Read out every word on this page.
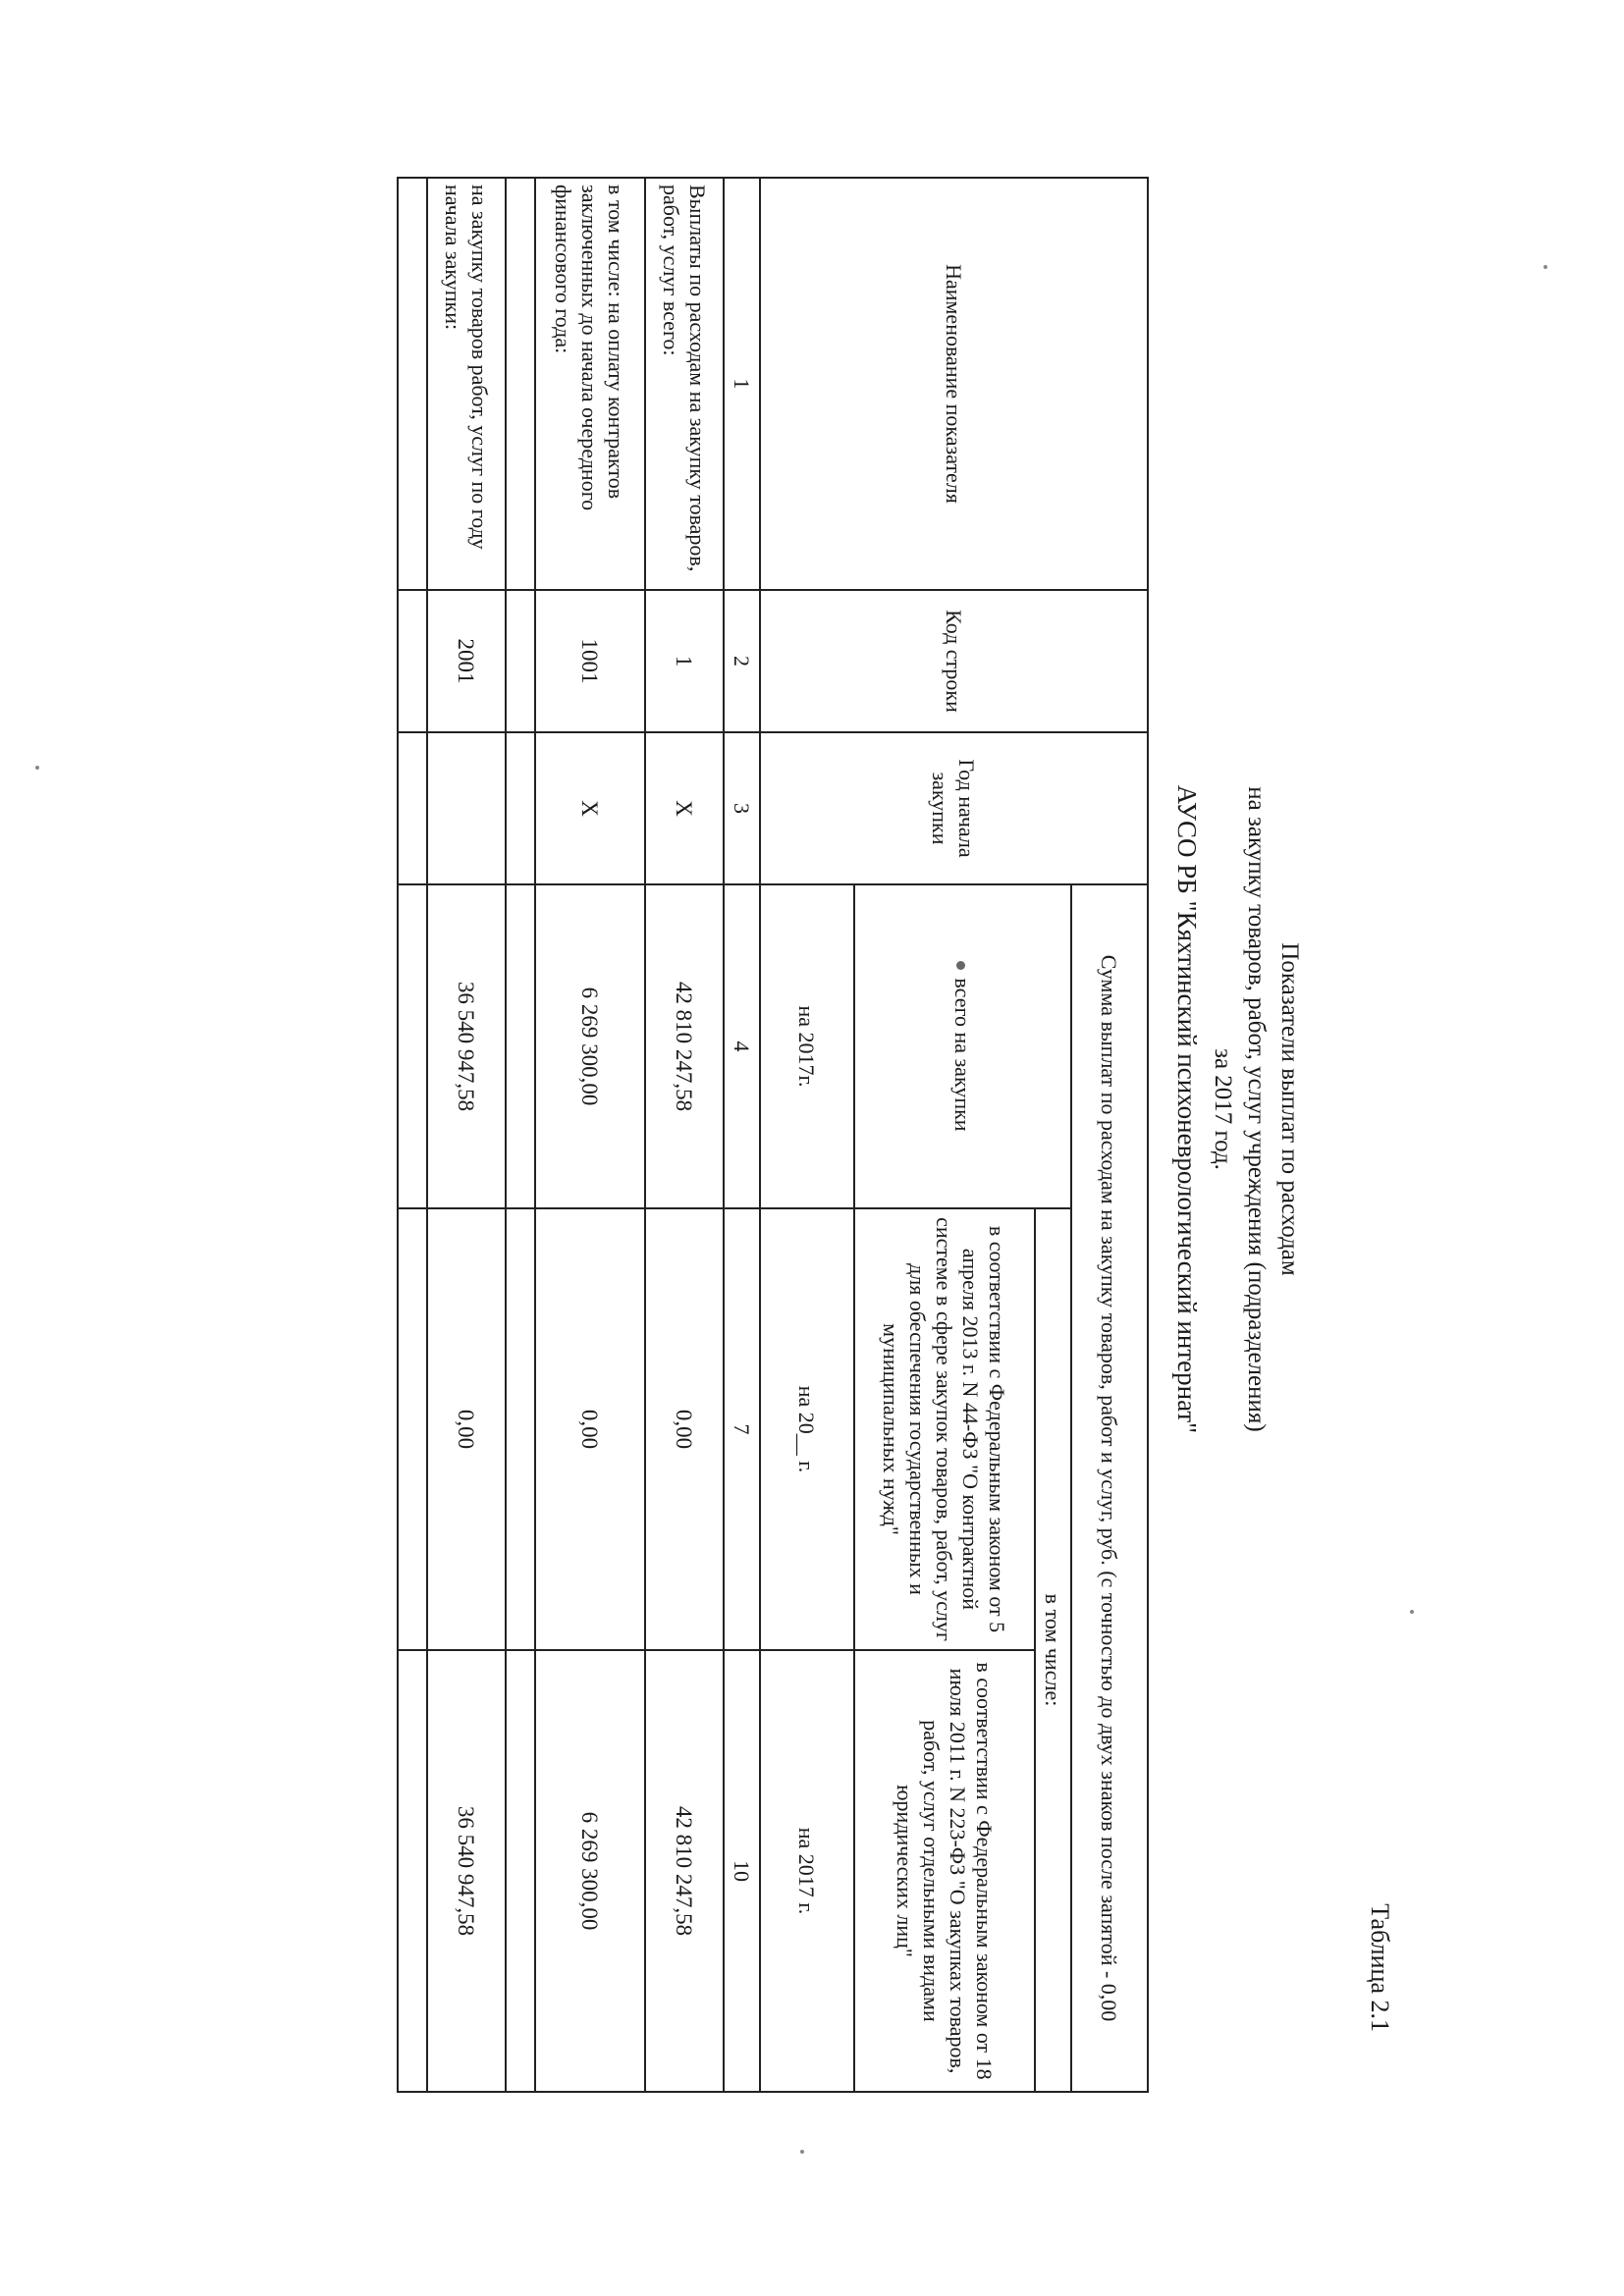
Таблица 2.1
Показатели выплат по расходам
на закупку товаров, работ, услуг учреждения (подразделения)
за 2017 год.
АУСО РБ "Кяхтинский психоневрологический интернат"
Наименование показателя	Код строки	Год начала закупки	Сумма выплат по расходам на закупку товаров, работ и услуг, руб. (с точностью до двух знаков после запятой - 0,00		
			всего на закупки	в том числе:	
				в соответствии с Федеральным законом от 5 апреля 2013 г. N 44-ФЗ "О контрактной системе в сфере закупок товаров, работ, услуг для обеспечения государственных и муниципальных нужд"	в соответствии с Федеральным законом от 18 июля 2011 г. N 223-ФЗ "О закупках товаров, работ, услуг отдельными видами юридических лиц"
			на 2017г.	на 20__ г.	на 2017 г.
1	2	3	4	7	10
Выплаты по расходам на закупку товаров, работ, услуг всего:	1	X	42 810 247,58	0,00	42 810 247,58
в том числе: на оплату контрактов заключенных до начала очередного финансового года:	1001	X	6 269 300,00	0,00	6 269 300,00

на закупку товаров работ, услуг по году начала закупки:	2001		36 540 947,58	0,00	36 540 947,58
